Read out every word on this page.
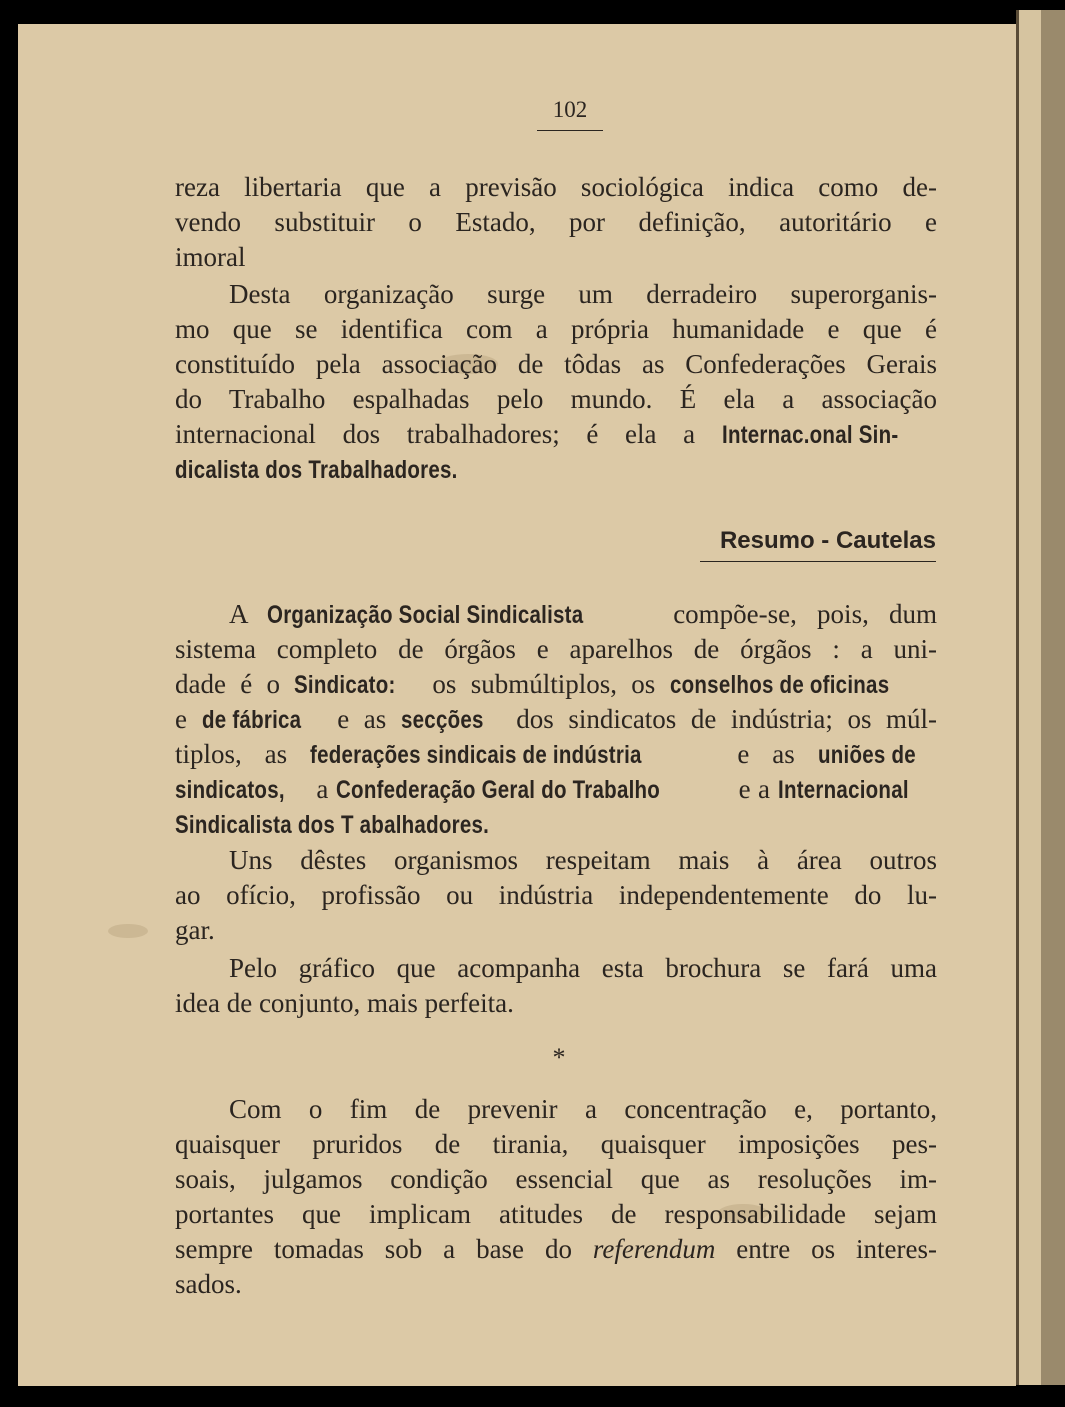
102
reza libertaria que a previsão sociológica indica como de-
vendo substituir o Estado, por definição, autoritário e
imoral
Desta organização surge um derradeiro superorganis-
mo que se identifica com a própria humanidade e que é
constituído pela associação de tôdas as Confederações Gerais
do Trabalho espalhadas pelo mundo. É ela a associação
internacional dos trabalhadores; é ela a Internac.onal Sin-
dicalista dos Trabalhadores.
Resumo - Cautelas
A Organização Social Sindicalista	compõe-se, pois, dum
sistema completo de órgãos e aparelhos de órgãos : a uni-
dade é o Sindicato: os submúltiplos, os conselhos de oficinas
e de fábrica e as secções dos sindicatos de indústria; os múl-
tiplos, as federações sindicais de indústria	e as uniões de
sindicatos, a Confederação Geral do Trabalho	e a Internacional
Sindicalista dos T abalhadores.
Uns dêstes organismos respeitam mais à área outros
ao ofício, profissão ou indústria independentemente do lu-
gar.
Pelo gráfico que acompanha esta brochura se fará uma
idea de conjunto, mais perfeita.
*
Com o fim de prevenir a concentração e, portanto,
quaisquer pruridos de tirania, quaisquer imposições pes-
soais, julgamos condição essencial que as resoluções im-
portantes que implicam atitudes de responsabilidade sejam
sempre tomadas sob a base do referendum entre os interes-
sados.
